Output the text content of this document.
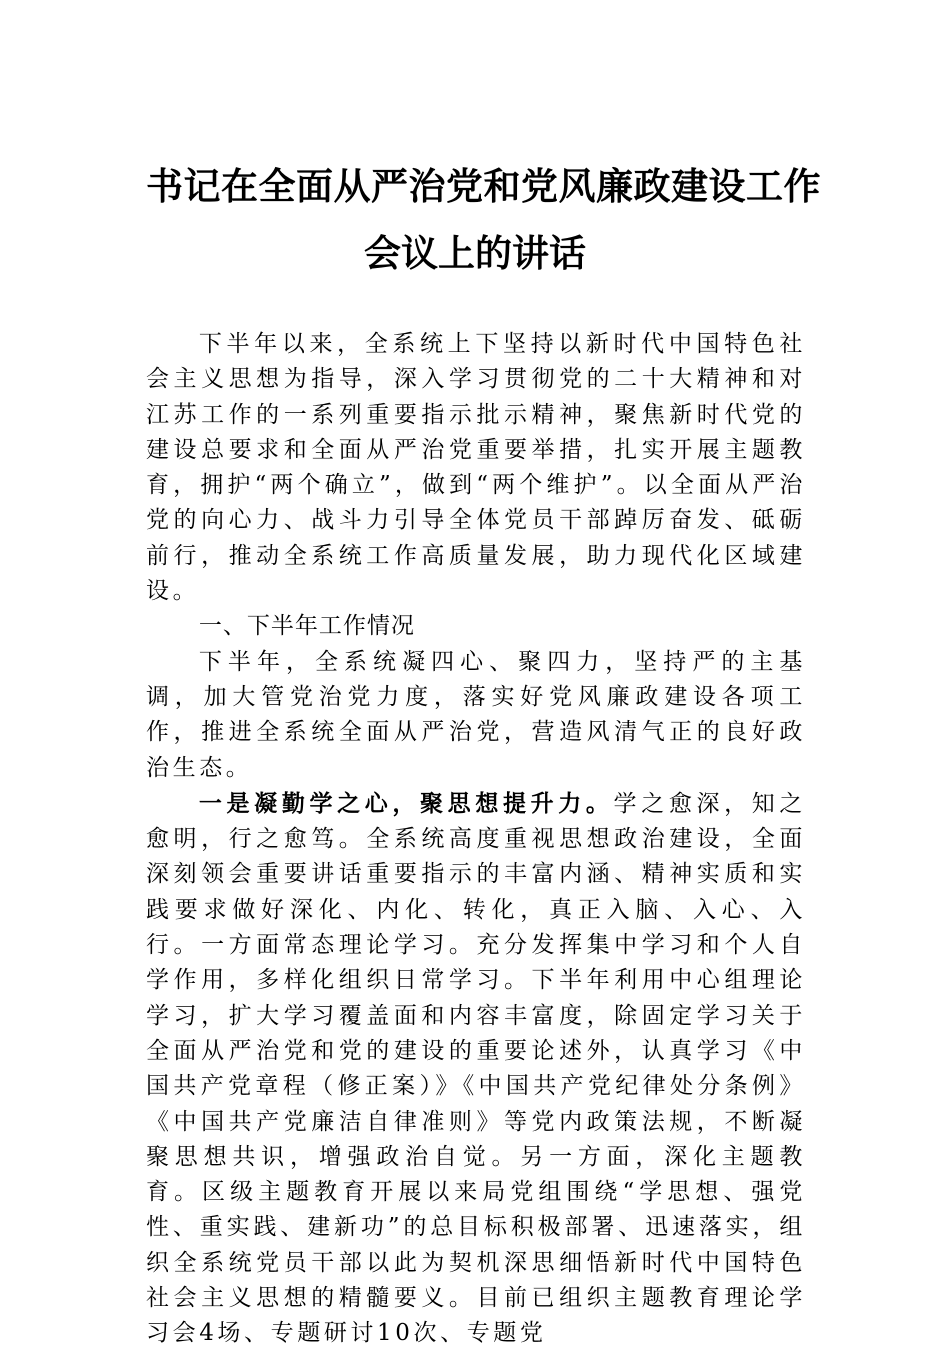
书记在全面从严治党和党风廉政建设工作
会议上的讲话

下半年以来，全系统上下坚持以新时代中国特色社会主义思想为指导，深入学习贯彻党的二十大精神和对江苏工作的一系列重要指示批示精神，聚焦新时代党的建设总要求和全面从严治党重要举措，扎实开展主题教育，拥护“两个确立”，做到“两个维护”。以全面从严治党的向心力、战斗力引导全体党员干部踔厉奋发、砥砺前行，推动全系统工作高质量发展，助力现代化区域建设。

一、下半年工作情况

下半年，全系统凝四心、聚四力，坚持严的主基调，加大管党治党力度，落实好党风廉政建设各项工作，推进全系统全面从严治党，营造风清气正的良好政治生态。

一是凝勤学之心，聚思想提升力。学之愈深，知之愈明，行之愈笃。全系统高度重视思想政治建设，全面深刻领会重要讲话重要指示的丰富内涵、精神实质和实践要求做好深化、内化、转化，真正入脑、入心、入行。一方面常态理论学习。充分发挥集中学习和个人自学作用，多样化组织日常学习。下半年利用中心组理论学习，扩大学习覆盖面和内容丰富度，除固定学习关于全面从严治党和党的建设的重要论述外，认真学习《中国共产党章程（修正案）》《中国共产党纪律处分条例》《中国共产党廉洁自律准则》等党内政策法规，不断凝聚思想共识，增强政治自觉。另一方面，深化主题教育。区级主题教育开展以来局党组围绕“学思想、强党性、重实践、建新功”的总目标积极部署、迅速落实，组织全系统党员干部以此为契机深思细悟新时代中国特色社会主义思想的精髓要义。目前已组织主题教育理论学习会4场、专题研讨10次、专题党
